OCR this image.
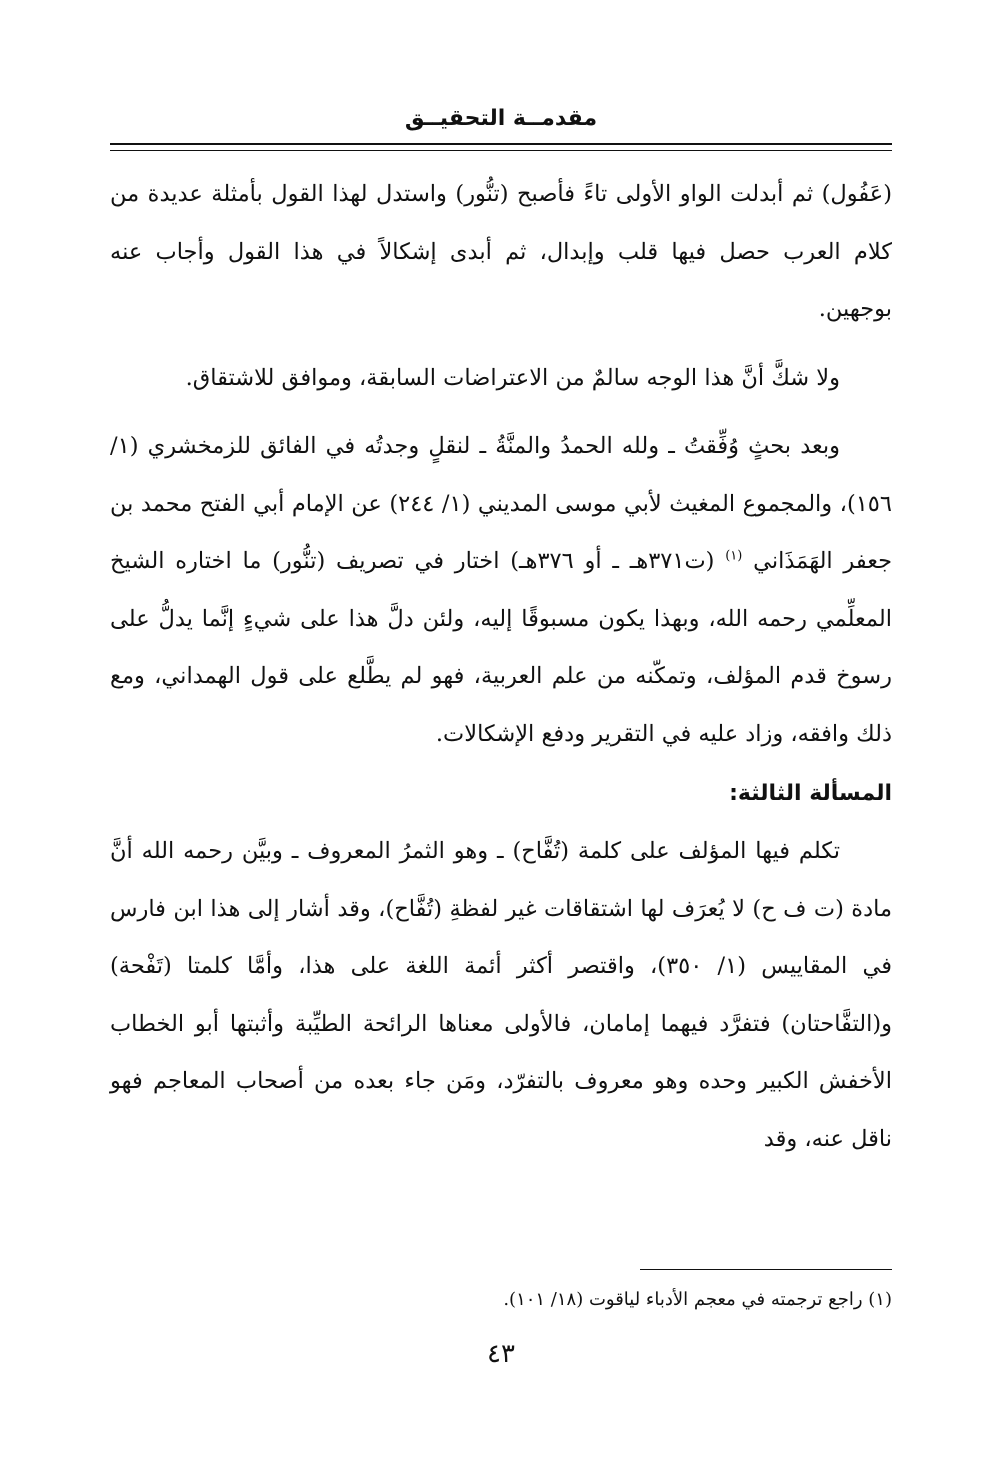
مقدمــة التحقيــق

(عَفُول) ثم أبدلت الواو الأولى تاءً فأصبح (تنُّور) واستدل لهذا القول بأمثلة عديدة من كلام العرب حصل فيها قلب وإبدال، ثم أبدى إشكالاً في هذا القول وأجاب عنه بوجهين.

ولا شكَّ أنَّ هذا الوجه سالمٌ من الاعتراضات السابقة، وموافق للاشتقاق.

وبعد بحثٍ وُفِّقتُ ـ ولله الحمدُ والمنَّةُ ـ لنقلٍ وجدتُه في الفائق للزمخشري (١/ ١٥٦)، والمجموع المغيث لأبي موسى المديني (١/ ٢٤٤) عن الإمام أبي الفتح محمد بن جعفر الهَمَذَاني $^{(١)}$ (ت٣٧١هـ ـ أو ٣٧٦هـ) اختار في تصريف (تنُّور) ما اختاره الشيخ المعلِّمي رحمه الله، وبهذا يكون مسبوقًا إليه، ولئن دلَّ هذا على شيءٍ إنَّما يدلُّ على رسوخ قدم المؤلف، وتمكّنه من علم العربية، فهو لم يطَّلع على قول الهمداني، ومع ذلك وافقه، وزاد عليه في التقرير ودفع الإشكالات.

المسألة الثالثة:

تكلم فيها المؤلف على كلمة (تُفَّاح) ـ وهو الثمرُ المعروف ـ وبيَّن رحمه الله أنَّ مادة (ت ف ح) لا يُعرَف لها اشتقاقات غير لفظةِ (تُفَّاح)، وقد أشار إلى هذا ابن فارس في المقاييس (١/ ٣٥٠)، واقتصر أكثر أئمة اللغة على هذا، وأمَّا كلمتا (تَفْحة) و(التفَّاحتان) فتفرَّد فيهما إمامان، فالأولى معناها الرائحة الطيِّبة وأثبتها أبو الخطاب الأخفش الكبير وحده وهو معروف بالتفرّد، ومَن جاء بعده من أصحاب المعاجم فهو ناقل عنه، وقد

(١) راجع ترجمته في معجم الأدباء لياقوت (١٨/ ١٠١).
٤٣
